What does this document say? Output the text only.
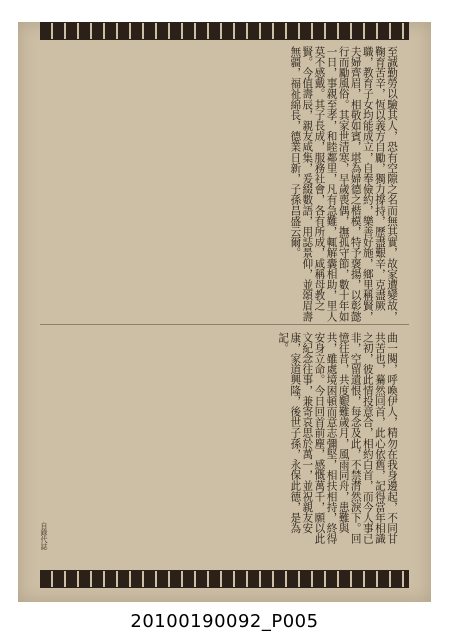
至誠勤勞以驗其人，恐有空隙之名而無其實，故家遭變故，鞠育苦辛，恆以義方自勵，獨力撐持，歷盡艱辛，克盡厥職，教育子女均能成立，自奉儉約，樂善好施，鄉里稱賢，夫婦齊眉，相敬如賓，堪為婦德之楷模，特予褒揚，以彰懿行而勵風俗。其家世清寒，早歲喪偶，撫孤守節，數十年如一日，事親至孝，和睦鄰里，凡有急難，輒解囊相助，里人莫不感戴。其子長成，服務社會，各有所成，咸稱母教之賢。今值壽辰，親友咸集，爰綴數語，用誌景仰，並頌眉壽無疆，福祉綿長，德業日新，子孫昌盛云爾。
曲一闋，呼喚伊人，精勿在我身邊起，不同甘共苦也，驀然回首，此心依舊，記得當年相識之初，彼此情投意合，相約白首，而今人事已非，空留遺恨，每念及此，不禁潸然淚下。回憶往昔，共度艱難歲月，風雨同舟，患難與共，雖處境困頓而意志彌堅，相扶相持，終得安身立命。今日回首前塵，感慨萬千，願以此文紀念往事，兼寄哀思於萬一，並祝親友安康，家道興隆，後世子孫，永保此德，是為記。
自錄代誌
20100190092_P005
